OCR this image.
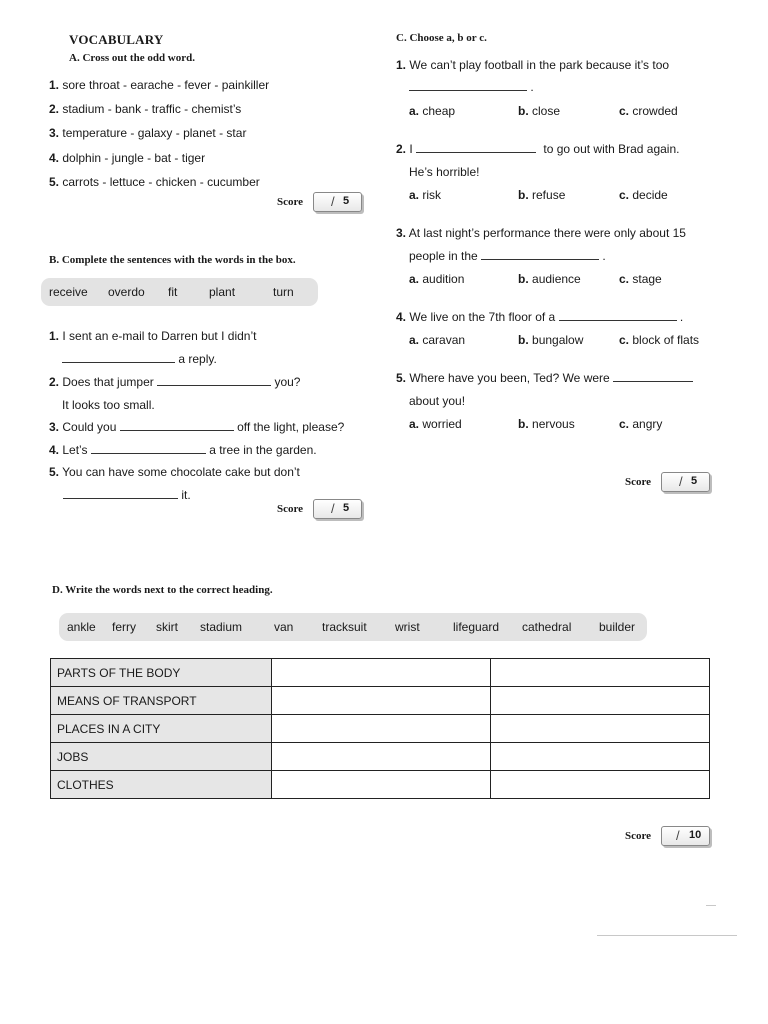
VOCABULARY
A. Cross out the odd word.
1. sore throat - earache - fever - painkiller
2. stadium - bank - traffic - chemist’s
3. temperature - galaxy - planet - star
4. dolphin - jungle - bat - tiger
5. carrots - lettuce - chicken - cucumber
Score / 5
B. Complete the sentences with the words in the box.
receive overdo fit	plant	turn
1. I sent an e-mail to Darren but I didn’t
a reply.
2. Does that jumper	you?
It looks too small.
3. Could you	off the light, please?
4. Let’s	a tree in the garden.
5. You can have some chocolate cake but don’t
it.
Score / 5
C. Choose a, b or c.
1. We can’t play football in the park because it’s too
.
a. cheap	b. close	c. crowded
2. I	to go out with Brad again.
He’s horrible!
a. risk	b. refuse	c. decide
3. At last night’s performance there were only about 15
people in the	.
a. audition	b. audience	c. stage
4. We live on the 7th floor of a	.
a. caravan	b. bungalow	c. block of flats
5. Where have you been, Ted? We were
about you!
a. worried	b. nervous	c. angry
Score / 5
D. Write the words next to the correct heading.
ankle ferry skirt stadium	van tracksuit wrist	lifeguard cathedral builder
PARTS OF THE BODY		
MEANS OF TRANSPORT		
PLACES IN A CITY		
JOBS		
CLOTHES		
Score / 10
